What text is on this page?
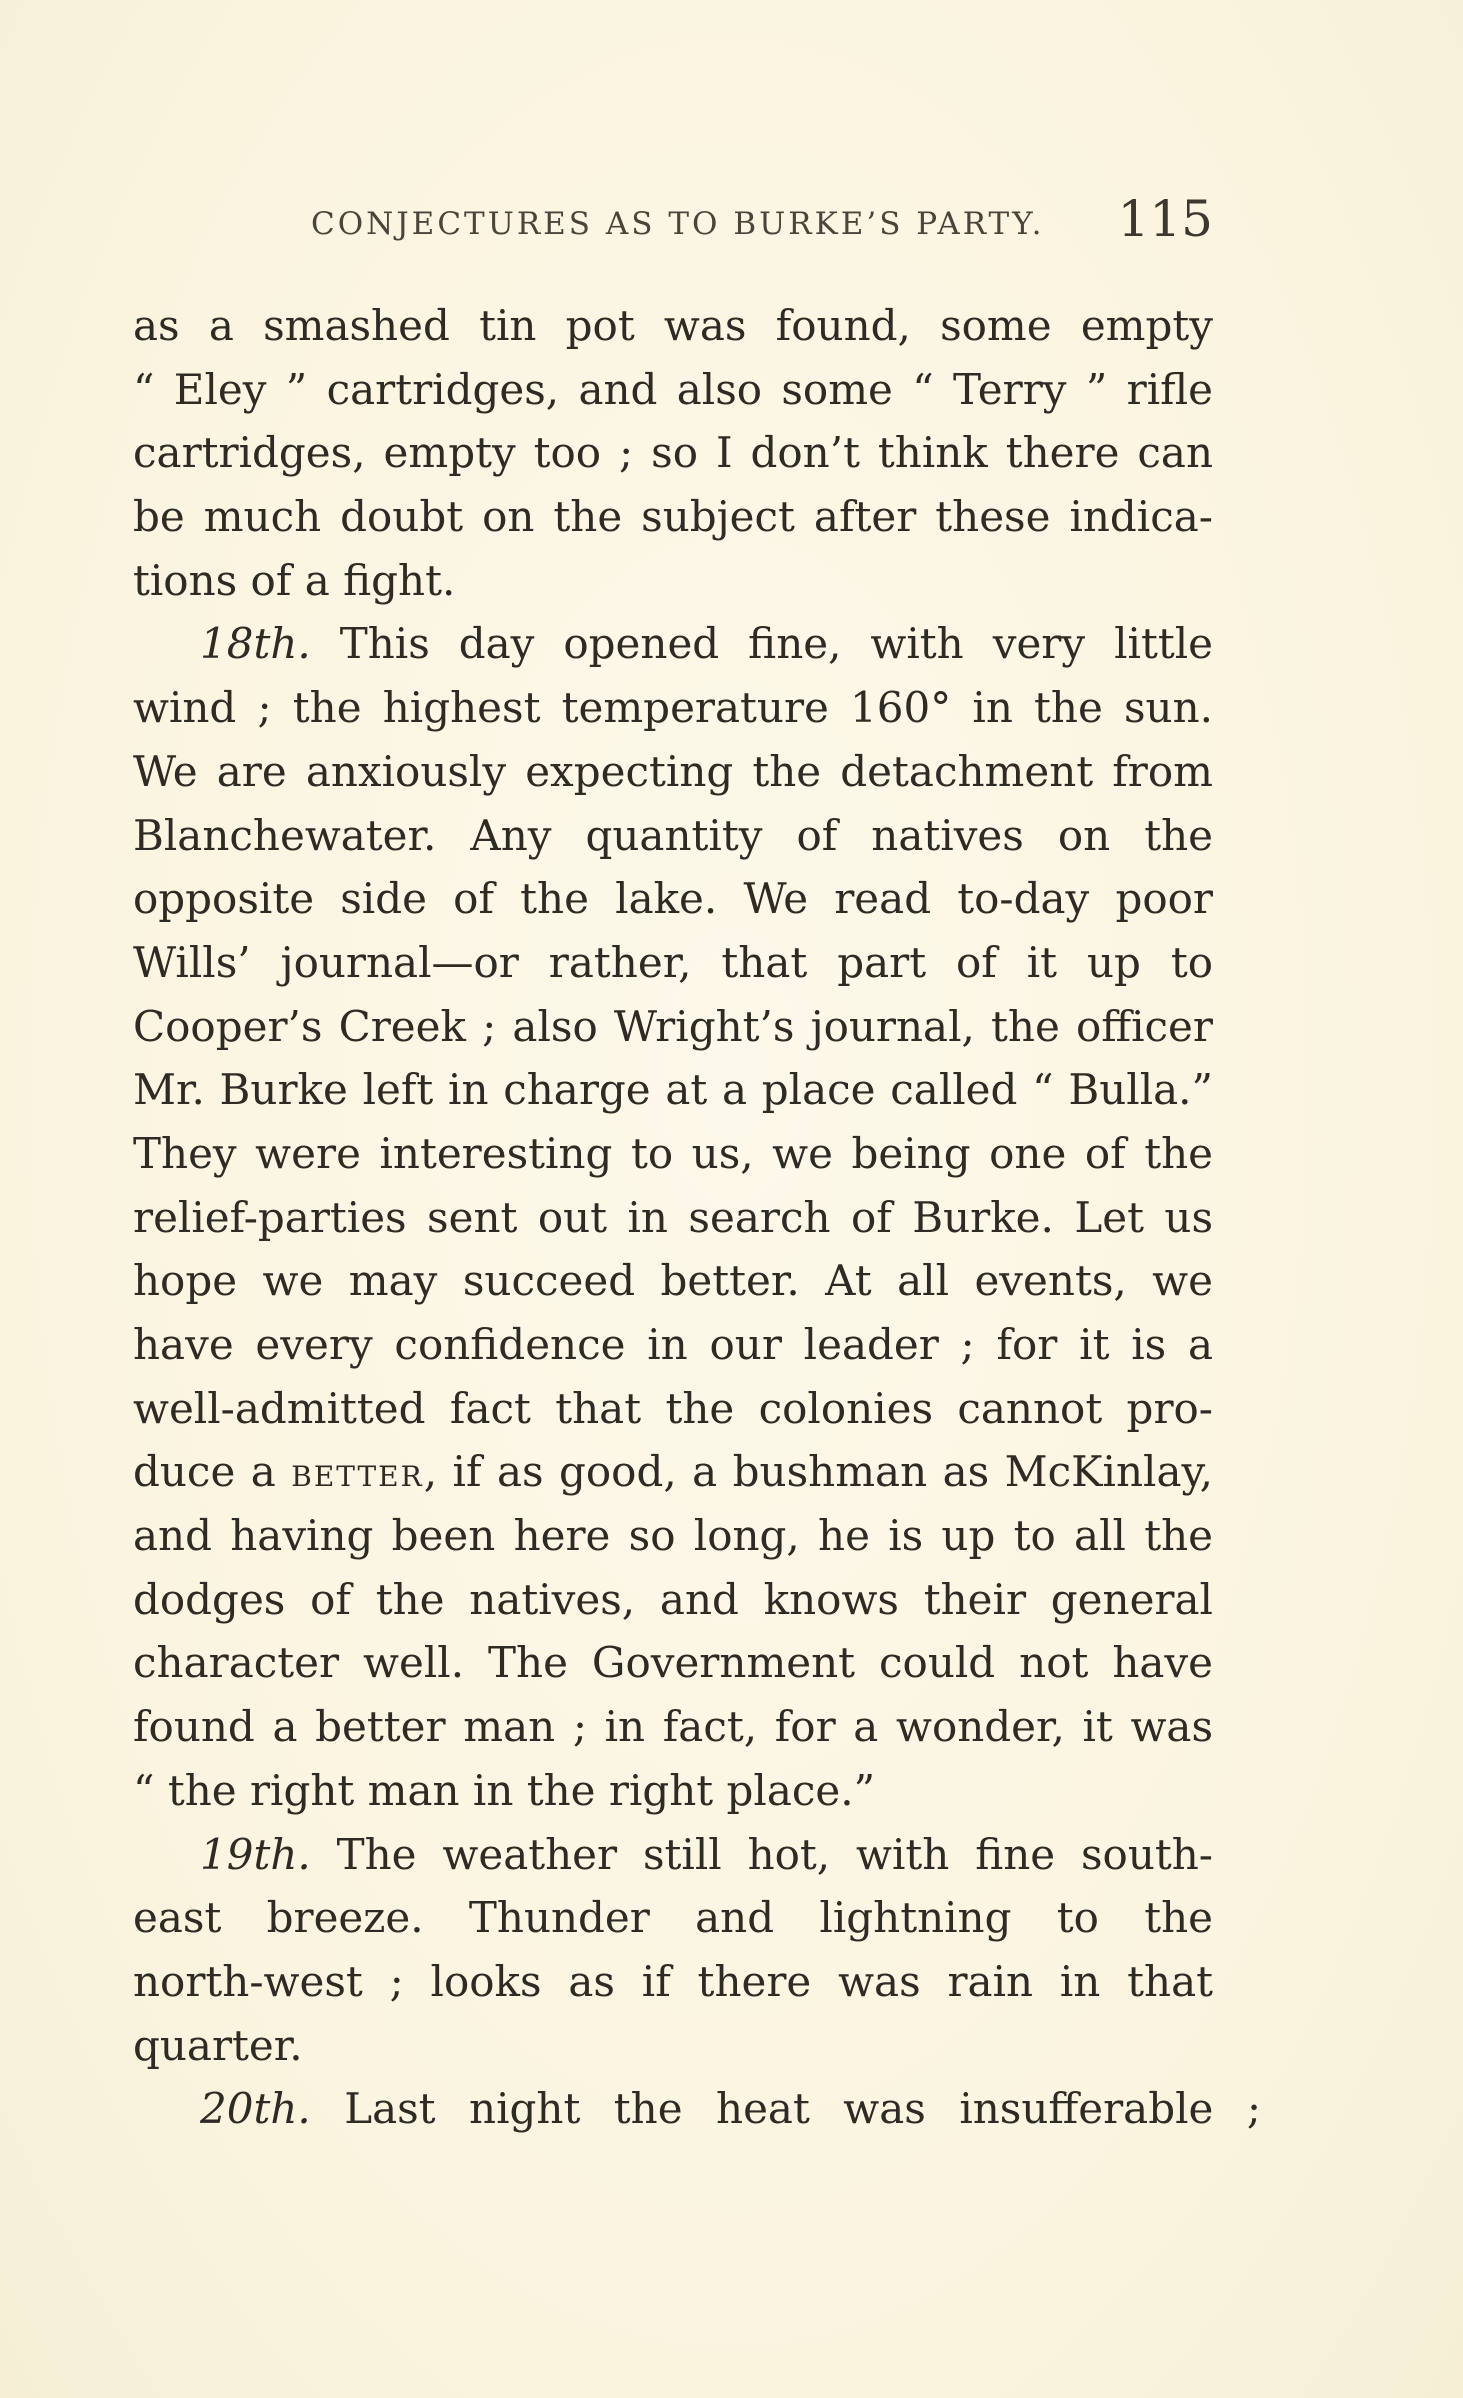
CONJECTURES AS TO BURKE’S PARTY. 115
as a smashed tin pot was found, some empty
“ Eley ” cartridges, and also some “ Terry ” rifle
cartridges, empty too ; so I don’t think there can
be much doubt on the subject after these indica-
tions of a fight.
18th. This day opened fine, with very little
wind ; the highest temperature 160° in the sun.
We are anxiously expecting the detachment from
Blanchewater. Any quantity of natives on the
opposite side of the lake. We read to-day poor
Wills’ journal—or rather, that part of it up to
Cooper’s Creek ; also Wright’s journal, the officer
Mr. Burke left in charge at a place called “ Bulla.”
They were interesting to us, we being one of the
relief-parties sent out in search of Burke. Let us
hope we may succeed better. At all events, we
have every confidence in our leader ; for it is a
well-admitted fact that the colonies cannot pro-
duce a BETTER, if as good, a bushman as McKinlay,
and having been here so long, he is up to all the
dodges of the natives, and knows their general
character well. The Government could not have
found a better man ; in fact, for a wonder, it was
“ the right man in the right place.”
19th. The weather still hot, with fine south-
east breeze. Thunder and lightning to the
north-west ; looks as if there was rain in that
quarter.
20th. Last night the heat was insufferable ;
